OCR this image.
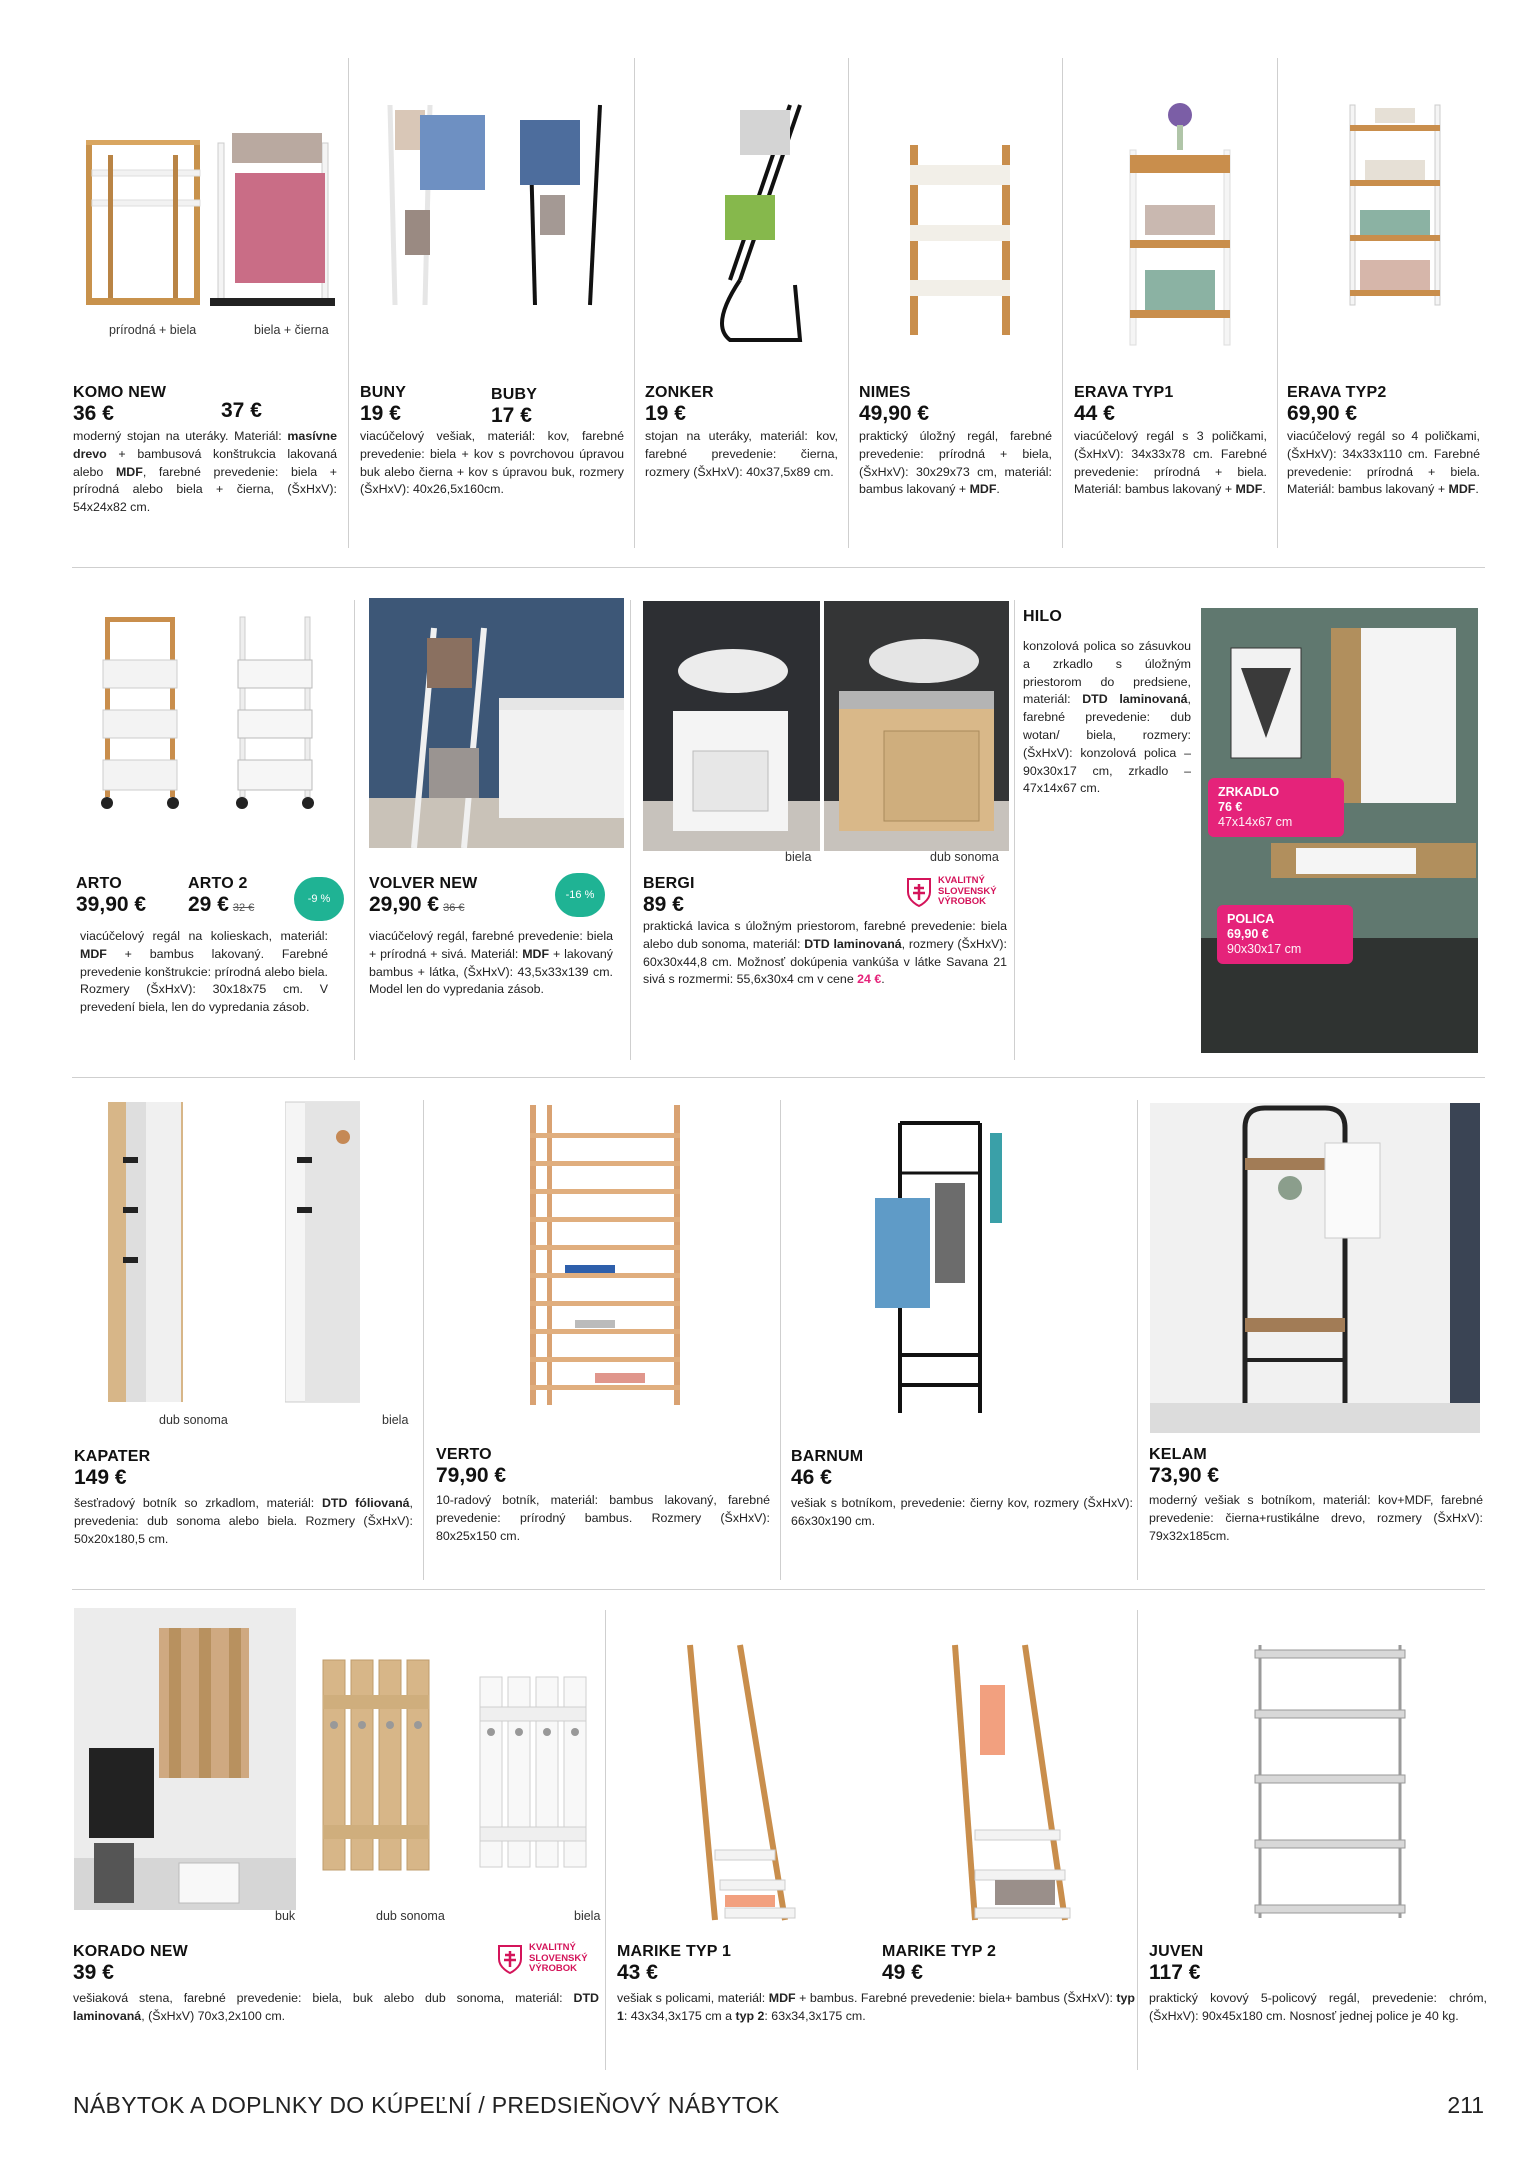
prírodná + biela	biela + čierna
KOMO NEW
36 €	37 €
moderný stojan na uteráky. Materiál: masívne drevo + bambusová konštrukcia lakovaná alebo MDF, farebné prevedenie: biela + prírodná alebo biela + čierna, (ŠxHxV): 54x24x82 cm.
BUNY
19 €
BUBY
17 €
viacúčelový vešiak, materiál: kov, farebné prevedenie: biela + kov s povrchovou úpravou buk alebo čierna + kov s úpravou buk, rozmery (ŠxHxV): 40x26,5x160cm.
ZONKER
19 €
stojan na uteráky, materiál: kov, farebné prevedenie: čierna, rozmery (ŠxHxV): 40x37,5x89 cm.
NIMES
49,90 €
praktický úložný regál, farebné prevedenie: prírodná + biela, (ŠxHxV): 30x29x73 cm, materiál: bambus lakovaný + MDF.
ERAVA TYP1
44 €
viacúčelový regál s 3 poličkami, (ŠxHxV): 34x33x78 cm. Farebné prevedenie: prírodná + biela. Materiál: bambus lakovaný + MDF.
ERAVA TYP2
69,90 €
viacúčelový regál so 4 poličkami, (ŠxHxV): 34x33x110 cm. Farebné prevedenie: prírodná + biela. Materiál: bambus lakovaný + MDF.
biela	dub sonoma
ZRKADLO
76 €
47x14x67 cm
POLICA
69,90 €
90x30x17 cm
ARTO
39,90 €
ARTO 2
29 € 32 €
-9 %
viacúčelový regál na kolieskach, materiál: MDF + bambus lakovaný. Farebné prevedenie konštrukcie: prírodná alebo biela. Rozmery (ŠxHxV): 30x18x75 cm. V prevedení biela, len do vypredania zásob.
VOLVER NEW
29,90 € 36 €
-16 %
viacúčelový regál, farebné prevedenie: biela + prírodná + sivá. Materiál: MDF + lakovaný bambus + látka, (ŠxHxV): 43,5x33x139 cm. Model len do vypredania zásob.
BERGI
89 €
KVALITNÝ
SLOVENSKÝ
VÝROBOK
praktická lavica s úložným priestorom, farebné prevedenie: biela alebo dub sonoma, materiál: DTD laminovaná, rozmery (ŠxHxV): 60x30x44,8 cm. Možnosť dokúpenia vankúša v látke Savana 21 sivá s rozmermi: 55,6x30x4 cm v cene 24 €.
HILO
konzolová polica so zásuvkou a zrkadlo s úložným priestorom do predsiene, materiál: DTD laminovaná, farebné prevedenie: dub wotan/ biela, rozmery: (ŠxHxV): konzolová polica – 90x30x17 cm, zrkadlo – 47x14x67 cm.
dub sonoma	biela
KAPATER
149 €
šesťradový botník so zrkadlom, materiál: DTD fóliovaná, prevedenia: dub sonoma alebo biela. Rozmery (ŠxHxV): 50x20x180,5 cm.
VERTO
79,90 €
10-radový botník, materiál: bambus lakovaný, farebné prevedenie: prírodný bambus. Rozmery (ŠxHxV): 80x25x150 cm.
BARNUM
46 €
vešiak s botníkom, prevedenie: čierny kov, rozmery (ŠxHxV): 66x30x190 cm.
KELAM
73,90 €
moderný vešiak s botníkom, materiál: kov+MDF, farebné prevedenie: čierna+rustikálne drevo, rozmery (ŠxHxV): 79x32x185cm.
buk	dub sonoma	biela
KORADO NEW
39 €
KVALITNÝ
SLOVENSKÝ
VÝROBOK
vešiaková stena, farebné prevedenie: biela, buk alebo dub sonoma, materiál: DTD laminovaná, (ŠxHxV) 70x3,2x100 cm.
MARIKE TYP 1
43 €
MARIKE TYP 2
49 €
vešiak s policami, materiál: MDF + bambus. Farebné prevedenie: biela+ bambus (ŠxHxV): typ 1: 43x34,3x175 cm a typ 2: 63x34,3x175 cm.
JUVEN
117 €
praktický kovový 5-policový regál, prevedenie: chróm, (ŠxHxV): 90x45x180 cm. Nosnosť jednej police je 40 kg.
NÁBYTOK A DOPLNKY DO KÚPEĽNÍ / PREDSIEŇOVÝ NÁBYTOK	211
